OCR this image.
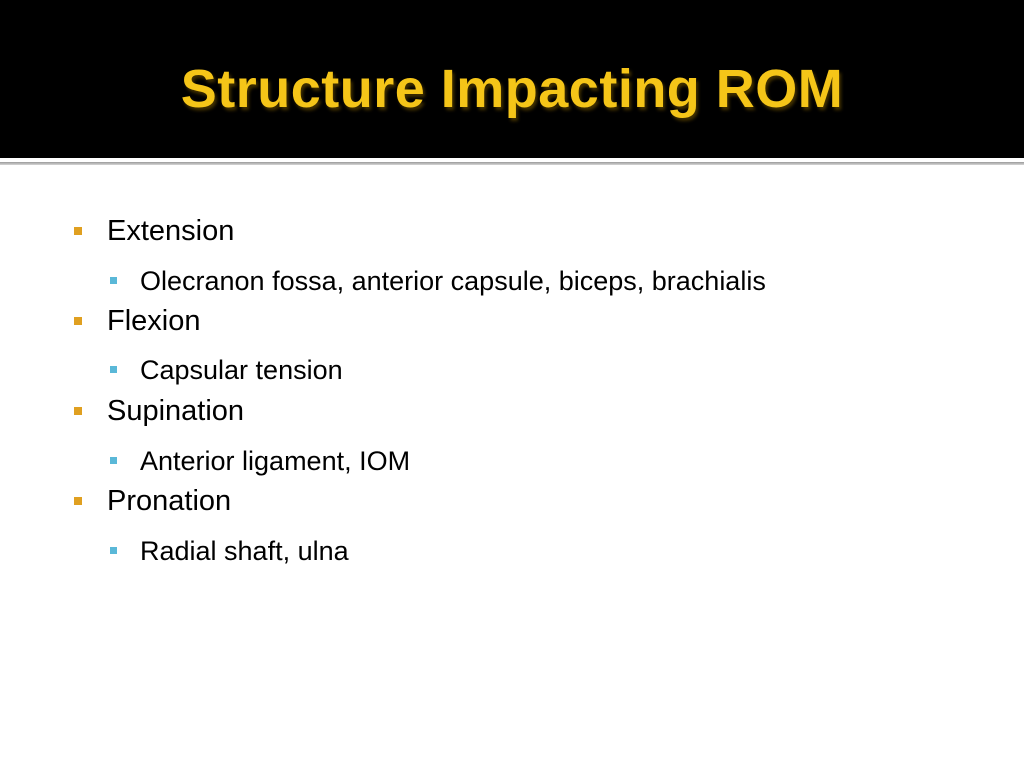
Structure Impacting ROM
Extension
Olecranon fossa, anterior capsule, biceps, brachialis
Flexion
Capsular tension
Supination
Anterior ligament, IOM
Pronation
Radial shaft, ulna
